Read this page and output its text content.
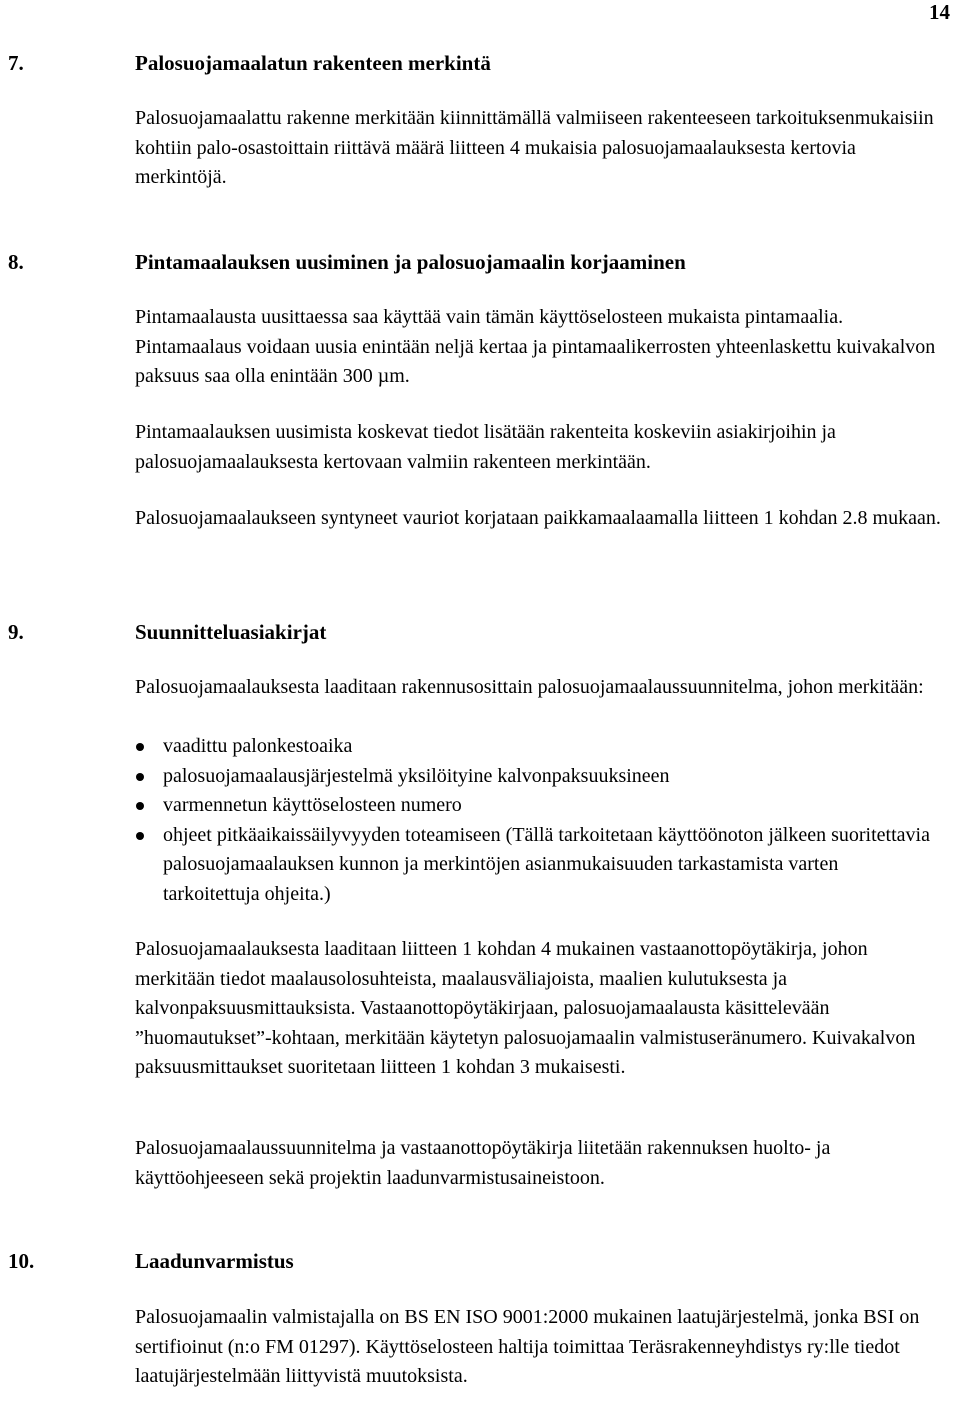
14
7.	Palosuojamaalatun rakenteen merkintä

Palosuojamaalattu rakenne merkitään kiinnittämällä valmiiseen rakenteeseen tarkoituksenmukaisiin kohtiin palo-osastoittain riittävä määrä liitteen 4 mukaisia palosuojamaalauksesta kertovia merkintöjä.

8.	Pintamaalauksen uusiminen ja palosuojamaalin korjaaminen

Pintamaalausta uusittaessa saa käyttää vain tämän käyttöselosteen mukaista pintamaalia. Pintamaalaus voidaan uusia enintään neljä kertaa ja pintamaalikerrosten yhteenlaskettu kuivakalvon paksuus saa olla enintään 300 µm.

Pintamaalauksen uusimista koskevat tiedot lisätään rakenteita koskeviin asiakirjoihin ja palosuojamaalauksesta kertovaan valmiin rakenteen merkintään.

Palosuojamaalaukseen syntyneet vauriot korjataan paikkamaalaamalla liitteen 1 kohdan 2.8 mukaan.

9.	Suunnitteluasiakirjat

Palosuojamaalauksesta laaditaan rakennusosittain palosuojamaalaussuunnitelma, johon merkitään:

vaadittu palonkestoaika
palosuojamaalausjärjestelmä yksilöityine kalvonpaksuuksineen
varmennetun käyttöselosteen numero
ohjeet pitkäaikaissäilyvyyden toteamiseen (Tällä tarkoitetaan käyttöönoton jälkeen suoritettavia palosuojamaalauksen kunnon ja merkintöjen asianmukaisuuden tarkastamista varten tarkoitettuja ohjeita.)

Palosuojamaalauksesta laaditaan liitteen 1 kohdan 4 mukainen vastaanottopöytäkirja, johon merkitään tiedot maalausolosuhteista, maalausväliajoista, maalien kulutuksesta ja kalvonpaksuusmittauksista. Vastaanottopöytäkirjaan, palosuojamaalausta käsittelevään ”huomautukset”-kohtaan, merkitään käytetyn palosuojamaalin valmistuseränumero. Kuivakalvon paksuusmittaukset suoritetaan liitteen 1 kohdan 3 mukaisesti.

Palosuojamaalaussuunnitelma ja vastaanottopöytäkirja liitetään rakennuksen huolto- ja käyttöohjeeseen sekä projektin laadunvarmistusaineistoon.

10.	Laadunvarmistus

Palosuojamaalin valmistajalla on BS EN ISO 9001:2000 mukainen laatujärjestelmä, jonka BSI on sertifioinut (n:o FM 01297). Käyttöselosteen haltija toimittaa Teräsrakenneyhdistys ry:lle tiedot laatujärjestelmään liittyvistä muutoksista.
